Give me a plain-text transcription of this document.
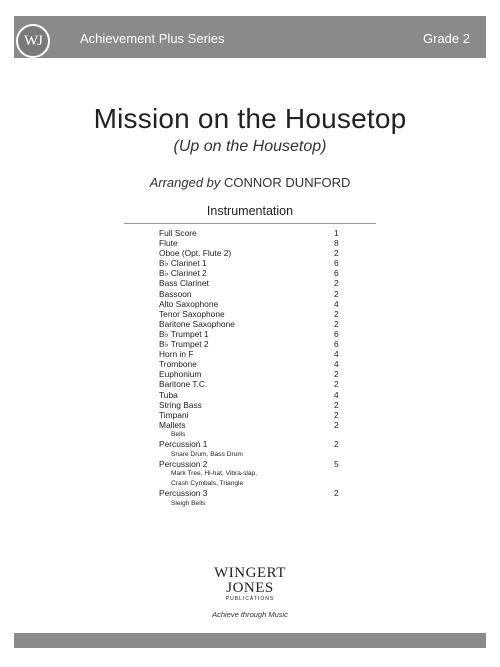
WJ	Achievement Plus Series	Grade 2
Mission on the Housetop
(Up on the Housetop)
Arranged by CONNOR DUNFORD
Instrumentation
Full Score	1
Flute	8
Oboe (Opt. Flute 2)	2
B♭ Clarinet 1	6
B♭ Clarinet 2	6
Bass Clarinet	2
Bassoon	2
Alto Saxophone	4
Tenor Saxophone	2
Baritone Saxophone	2
B♭ Trumpet 1	6
B♭ Trumpet 2	6
Horn in F	4
Trombone	4
Euphonium	2
Baritone T.C.	2
Tuba	4
String Bass	2
Timpani	2
Mallets	2
Bells
Percussion 1	2
Snare Drum, Bass Drum
Percussion 2	5
Mark Tree, Hi-hat, Vibra-slap,
Crash Cymbals, Triangle
Percussion 3	2
Sleigh Bells
WINGERT
JONES
PUBLICATIONS
Achieve through Music
